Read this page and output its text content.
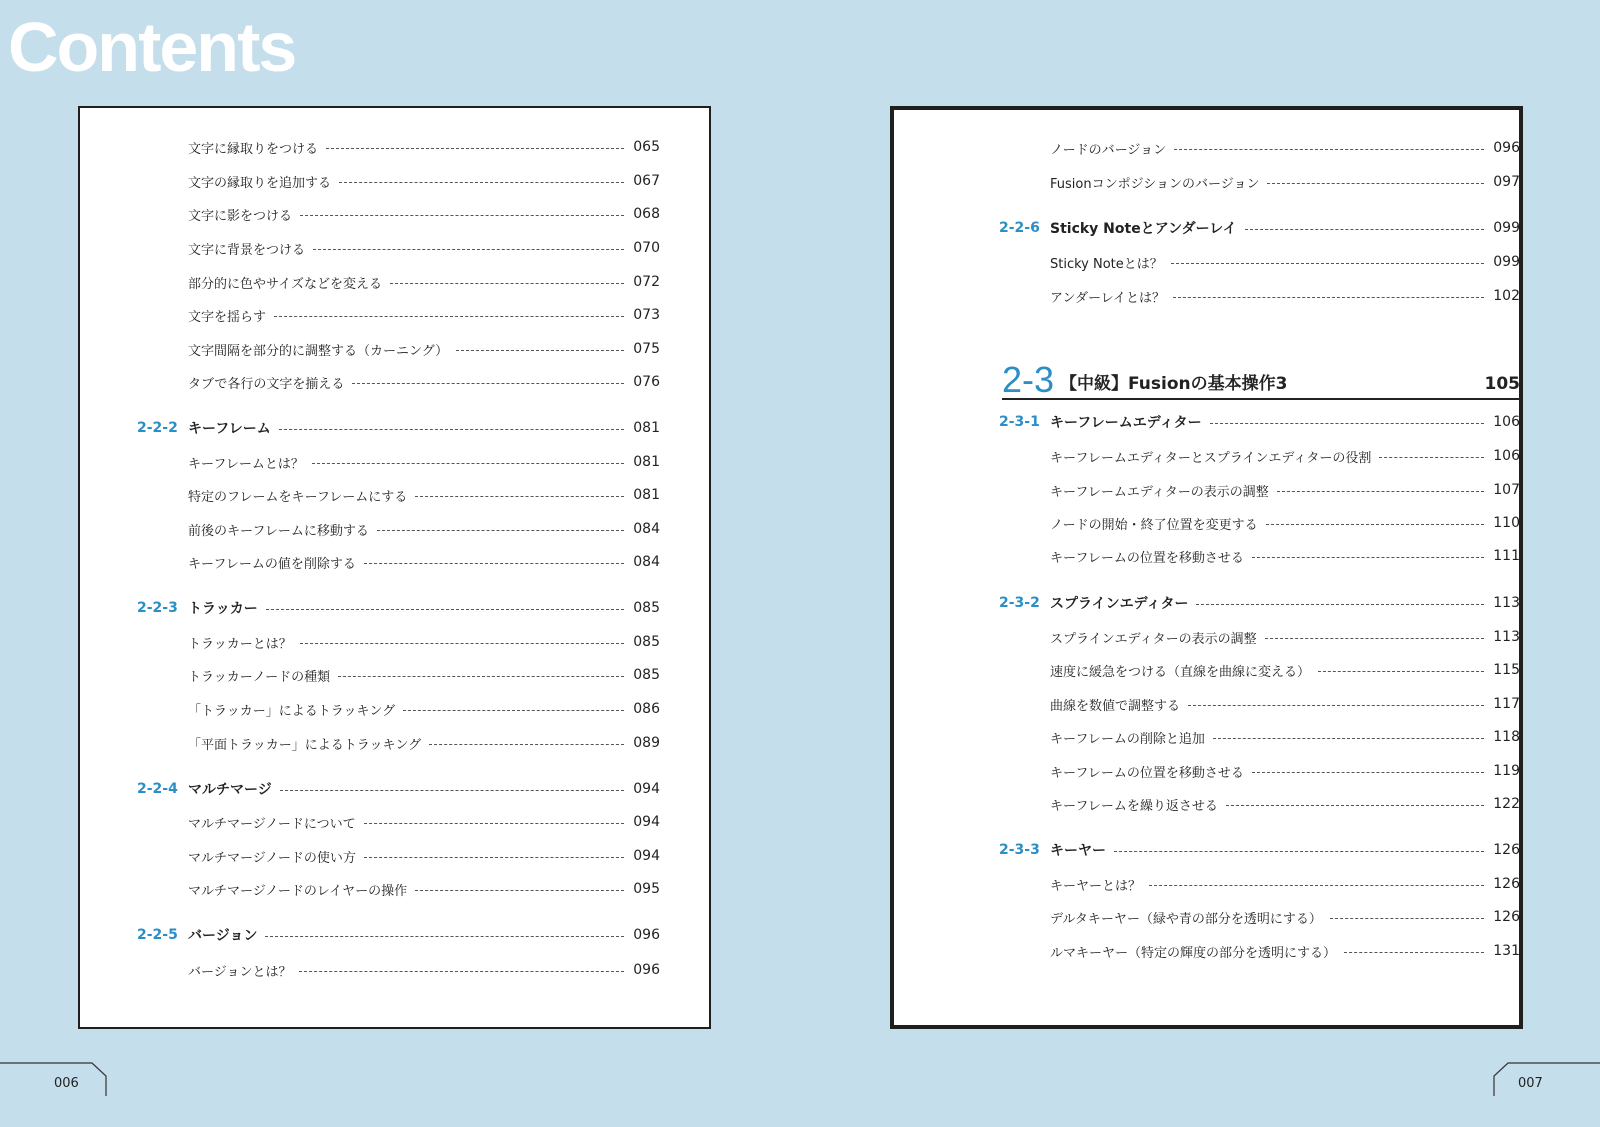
Contents
文字に縁取りをつける	065
文字の縁取りを追加する	067
文字に影をつける	068
文字に背景をつける	070
部分的に色やサイズなどを変える	072
文字を揺らす	073
文字間隔を部分的に調整する（カーニング）	075
タブで各行の文字を揃える	076
2-2-2 キーフレーム	081
キーフレームとは？	081
特定のフレームをキーフレームにする	081
前後のキーフレームに移動する	084
キーフレームの値を削除する	084
2-2-3 トラッカー	085
トラッカーとは？	085
トラッカーノードの種類	085
「トラッカー」によるトラッキング	086
「平面トラッカー」によるトラッキング	089
2-2-4 マルチマージ	094
マルチマージノードについて	094
マルチマージノードの使い方	094
マルチマージノードのレイヤーの操作	095
2-2-5 バージョン	096
バージョンとは？	096
ノードのバージョン	096
Fusionコンポジションのバージョン	097
2-2-6 Sticky Noteとアンダーレイ	099
Sticky Noteとは？	099
アンダーレイとは？	102
2-3 【中級】Fusionの基本操作3	105
2-3-1 キーフレームエディター	106
キーフレームエディターとスプラインエディターの役割	106
キーフレームエディターの表示の調整	107
ノードの開始・終了位置を変更する	110
キーフレームの位置を移動させる	111
2-3-2 スプラインエディター	113
スプラインエディターの表示の調整	113
速度に緩急をつける（直線を曲線に変える）	115
曲線を数値で調整する	117
キーフレームの削除と追加	118
キーフレームの位置を移動させる	119
キーフレームを繰り返させる	122
2-3-3 キーヤー	126
キーヤーとは？	126
デルタキーヤー（緑や青の部分を透明にする）	126
ルマキーヤー（特定の輝度の部分を透明にする）	131
006	007
